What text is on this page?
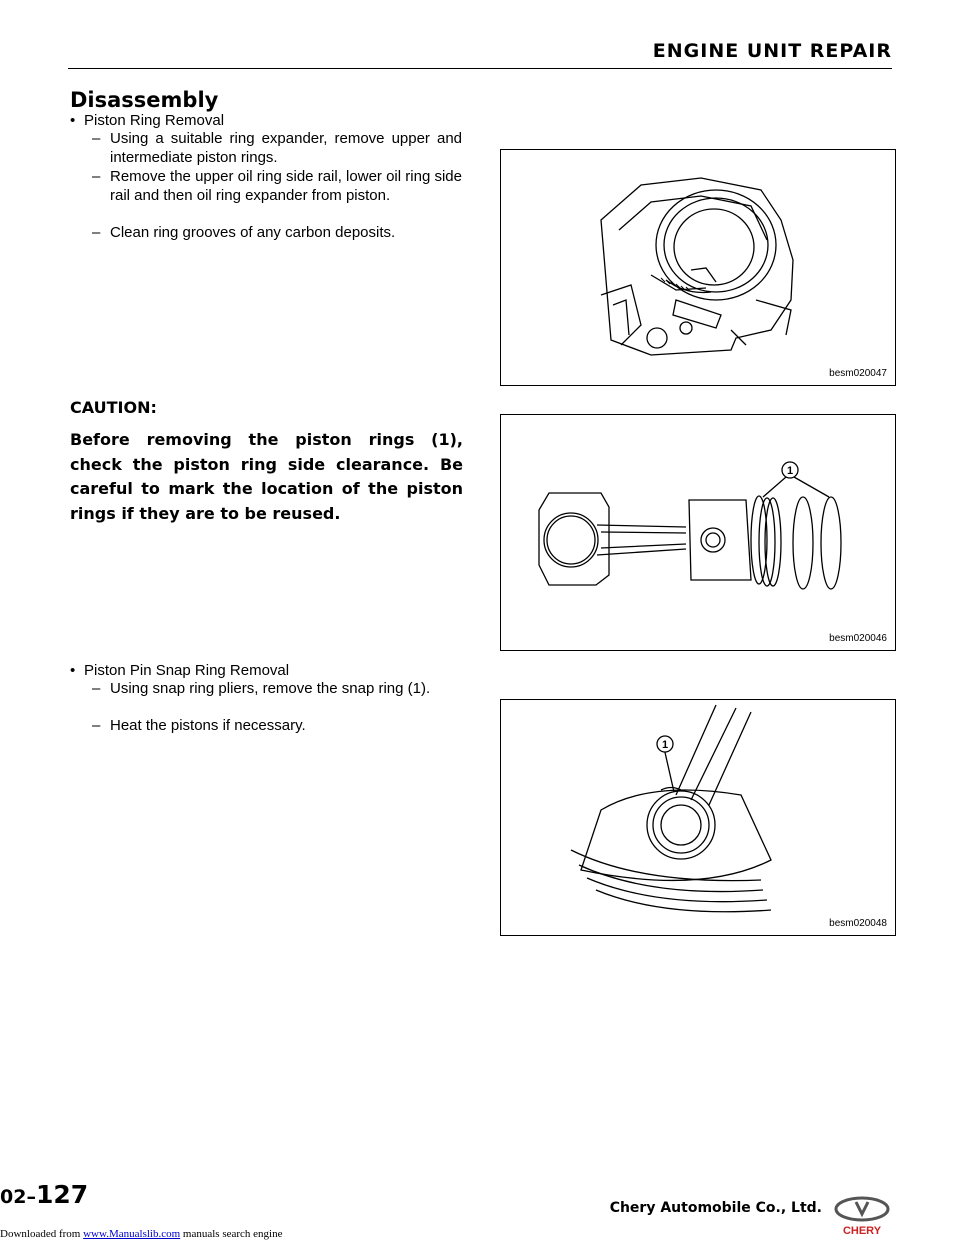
ENGINE UNIT REPAIR
Disassembly
• Piston Ring Removal
– Using a suitable ring expander, remove upper and intermediate piston rings.
– Remove the upper oil ring side rail, lower oil ring side rail and then oil ring expander from piston.
– Clean ring grooves of any carbon deposits.
CAUTION:
Before removing the piston rings (1), check the piston ring side clearance. Be careful to mark the location of the piston rings if they are to be reused.
• Piston Pin Snap Ring Removal
– Using snap ring pliers, remove the snap ring (1).
– Heat the pistons if necessary.
besm020047
1
besm020046
1
besm020048
02–127	Chery Automobile Co., Ltd.
CHERY
Downloaded from www.Manualslib.com manuals search engine
